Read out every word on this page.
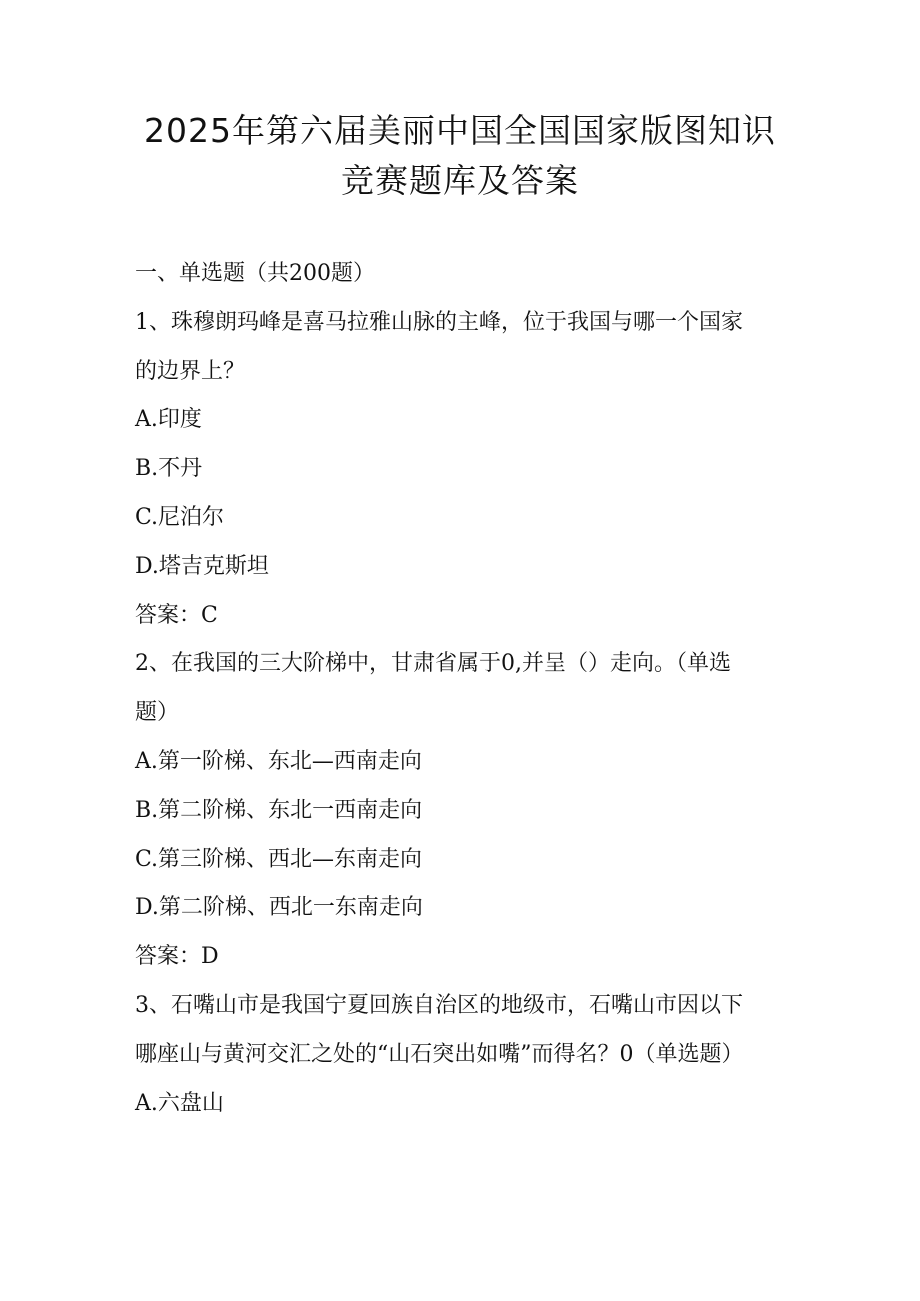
2025年第六届美丽中国全国国家版图知识
竞赛题库及答案
一、单选题（共200题）
1、珠穆朗玛峰是喜马拉雅山脉的主峰，位于我国与哪一个国家
的边界上？
A.印度
B.不丹
C.尼泊尔
D.塔吉克斯坦
答案：C
2、在我国的三大阶梯中，甘肃省属于0,并呈（）走向。（单选
题）
A.第一阶梯、东北—西南走向
B.第二阶梯、东北一西南走向
C.第三阶梯、西北—东南走向
D.第二阶梯、西北一东南走向
答案：D
3、石嘴山市是我国宁夏回族自治区的地级市，石嘴山市因以下
哪座山与黄河交汇之处的“山石突出如嘴”而得名？0（单选题）
A.六盘山
